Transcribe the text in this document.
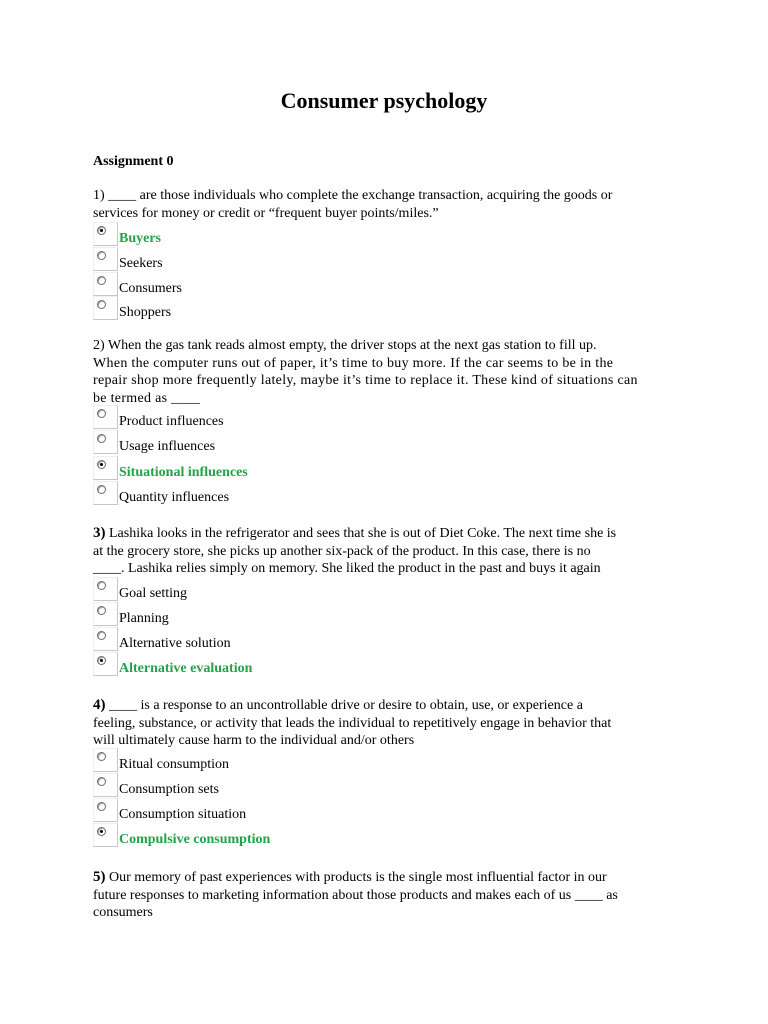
Consumer psychology
Assignment 0
1) ____ are those individuals who complete the exchange transaction, acquiring the goods or
services for money or credit or “frequent buyer points/miles.”
Buyers
Seekers
Consumers
Shoppers
2) When the gas tank reads almost empty, the driver stops at the next gas station to fill up.
When the computer runs out of paper, it’s time to buy more. If the car seems to be in the
repair shop more frequently lately, maybe it’s time to replace it. These kind of situations can
be termed as ____
Product influences
Usage influences
Situational influences
Quantity influences
3) Lashika looks in the refrigerator and sees that she is out of Diet Coke. The next time she is
at the grocery store, she picks up another six-pack of the product. In this case, there is no
____. Lashika relies simply on memory. She liked the product in the past and buys it again
Goal setting
Planning
Alternative solution
Alternative evaluation
4) ____ is a response to an uncontrollable drive or desire to obtain, use, or experience a
feeling, substance, or activity that leads the individual to repetitively engage in behavior that
will ultimately cause harm to the individual and/or others
Ritual consumption
Consumption sets
Consumption situation
Compulsive consumption
5) Our memory of past experiences with products is the single most influential factor in our
future responses to marketing information about those products and makes each of us ____ as
consumers
